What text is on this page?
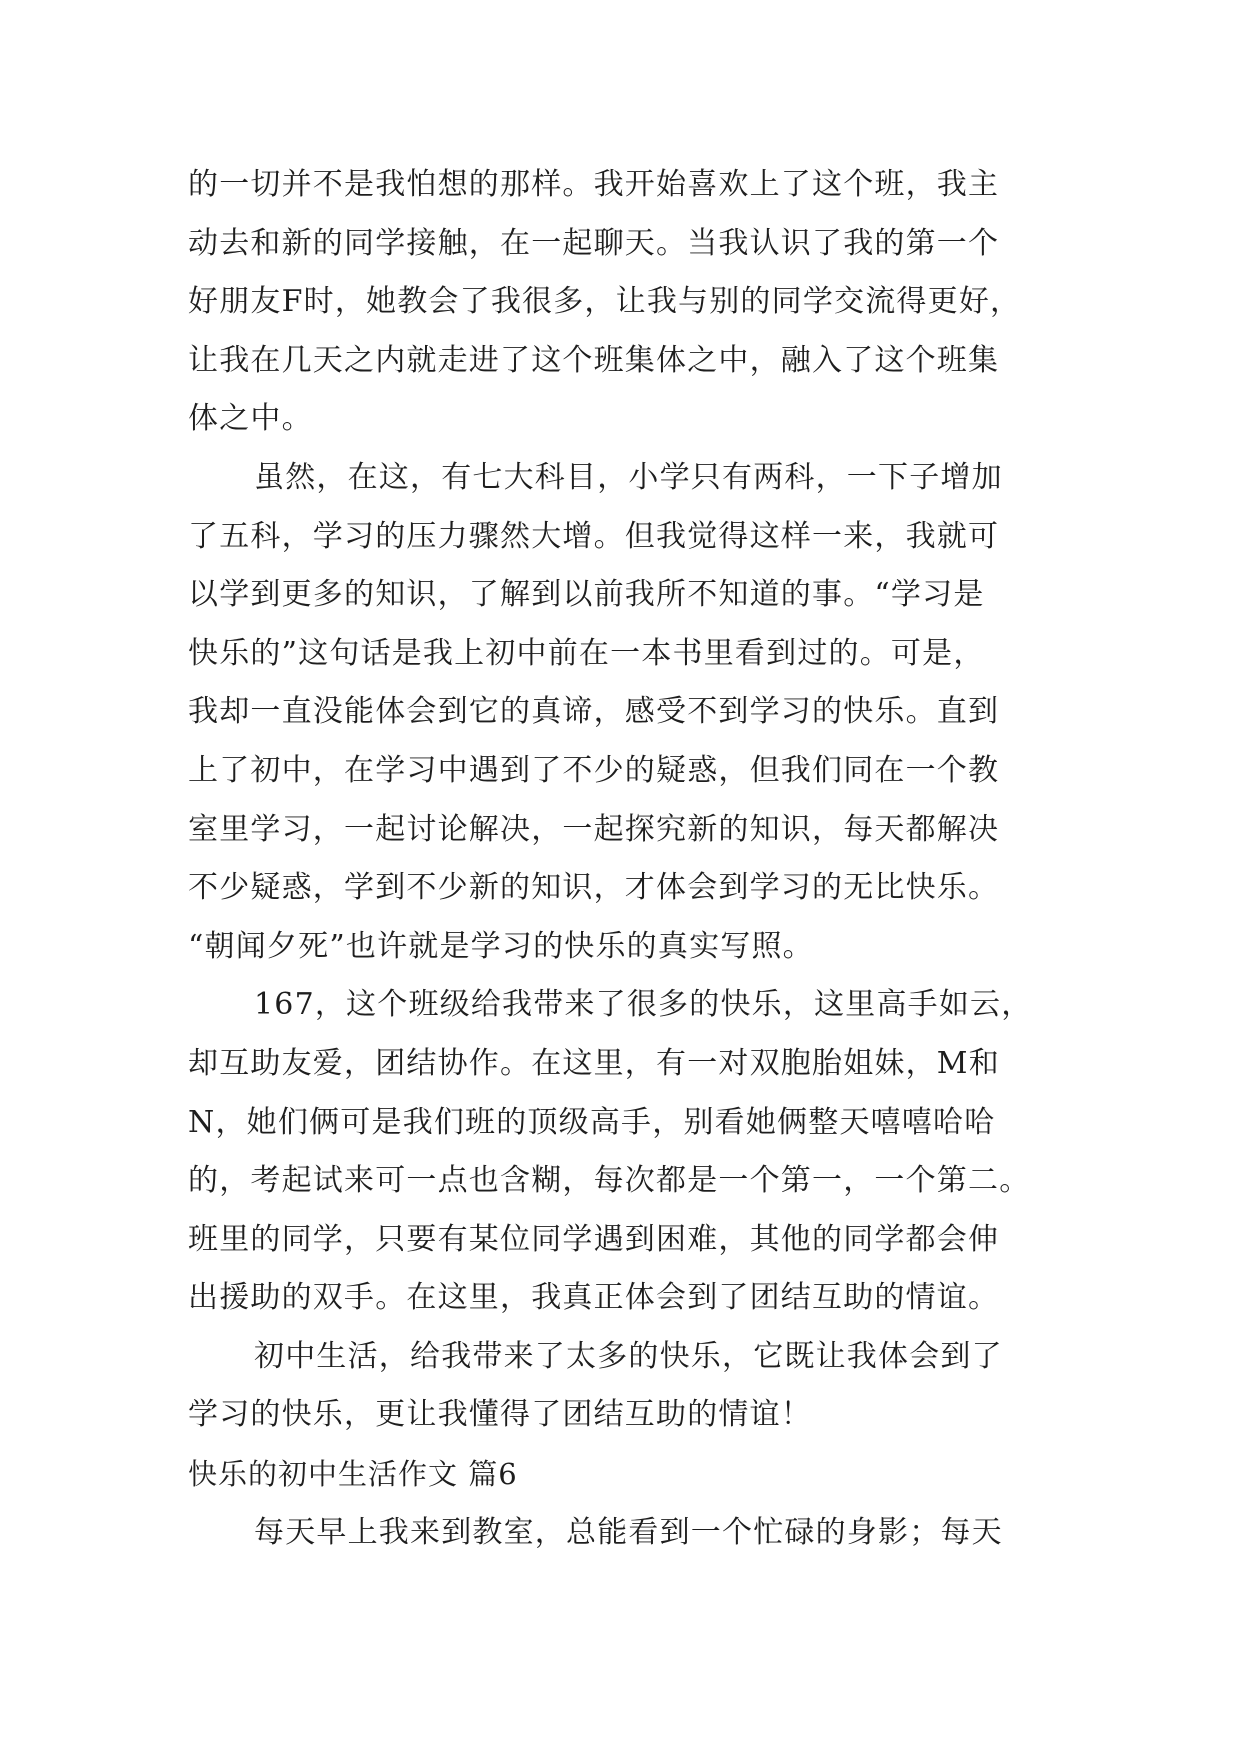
的一切并不是我怕想的那样。我开始喜欢上了这个班，我主
动去和新的同学接触，在一起聊天。当我认识了我的第一个
好朋友F时，她教会了我很多，让我与别的同学交流得更好，
让我在几天之内就走进了这个班集体之中，融入了这个班集
体之中。
虽然，在这，有七大科目，小学只有两科，一下子增加
了五科，学习的压力骤然大增。但我觉得这样一来，我就可
以学到更多的知识，了解到以前我所不知道的事。“学习是
快乐的”这句话是我上初中前在一本书里看到过的。可是，
我却一直没能体会到它的真谛，感受不到学习的快乐。直到
上了初中，在学习中遇到了不少的疑惑，但我们同在一个教
室里学习，一起讨论解决，一起探究新的知识，每天都解决
不少疑惑，学到不少新的知识，才体会到学习的无比快乐。
“朝闻夕死”也许就是学习的快乐的真实写照。
167，这个班级给我带来了很多的快乐，这里高手如云，
却互助友爱，团结协作。在这里，有一对双胞胎姐妹，M和
N，她们俩可是我们班的顶级高手，别看她俩整天嘻嘻哈哈
的，考起试来可一点也含糊，每次都是一个第一，一个第二。
班里的同学，只要有某位同学遇到困难，其他的同学都会伸
出援助的双手。在这里，我真正体会到了团结互助的情谊。
初中生活，给我带来了太多的快乐，它既让我体会到了
学习的快乐，更让我懂得了团结互助的情谊！
快乐的初中生活作文 篇6
每天早上我来到教室，总能看到一个忙碌的身影；每天
